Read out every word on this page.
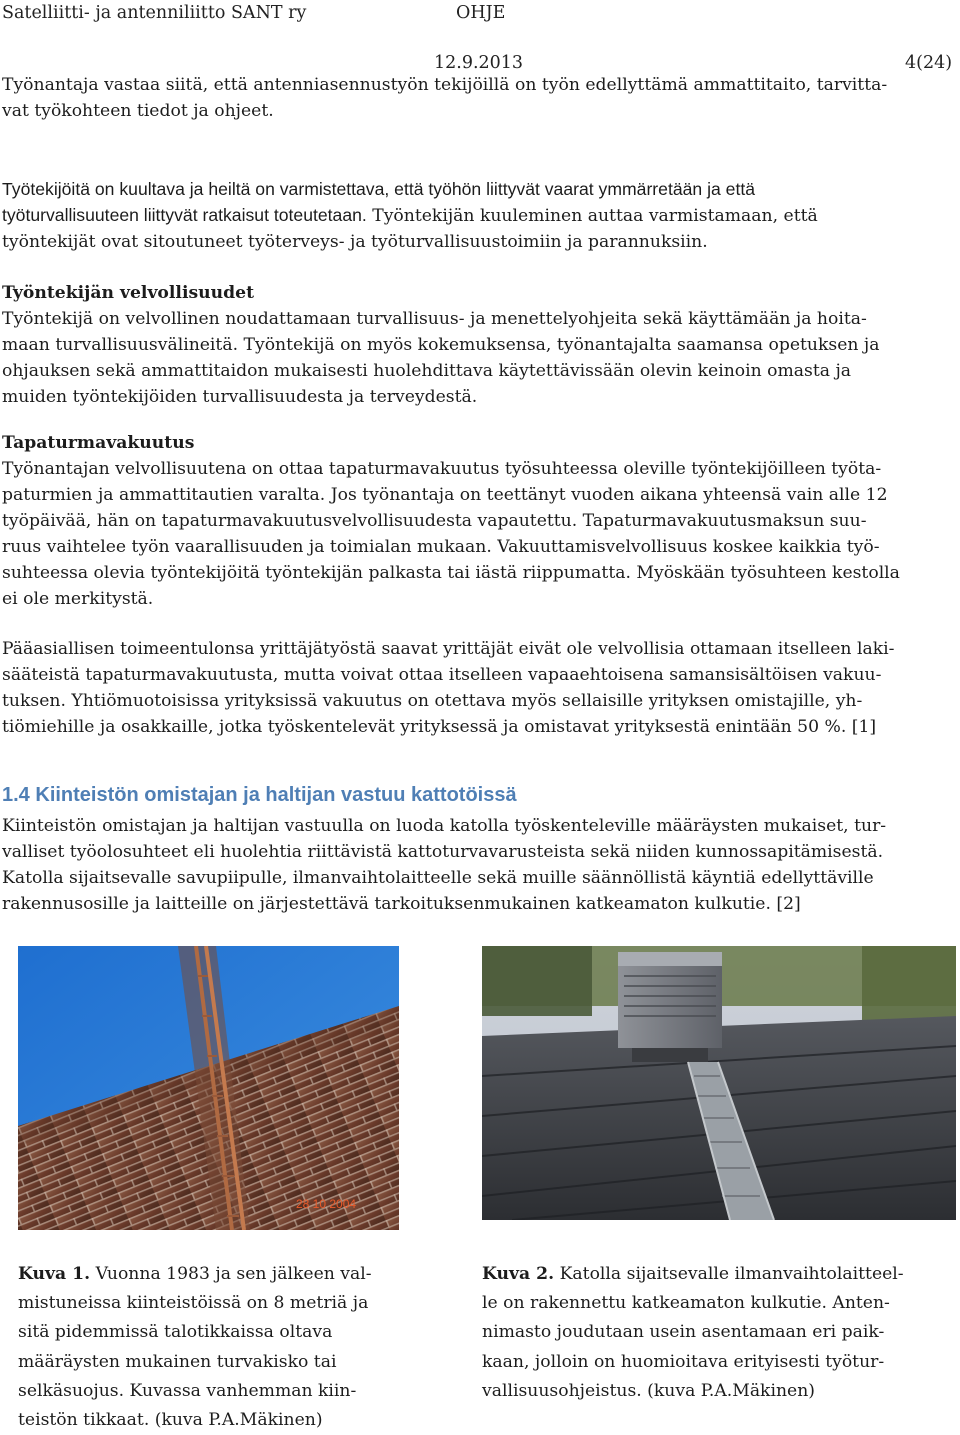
Satelliitti- ja antenniliitto SANT ry	OHJE
12.9.2013	4(24)
Työnantaja vastaa siitä, että antenniasennustyön tekijöillä on työn edellyttämä ammattitaito, tarvitta-
vat työkohteen tiedot ja ohjeet.
Työtekijöitä on kuultava ja heiltä on varmistettava, että työhön liittyvät vaarat ymmärretään ja että
työturvallisuuteen liittyvät ratkaisut toteutetaan. Työntekijän kuuleminen auttaa varmistamaan, että
työntekijät ovat sitoutuneet työterveys- ja työturvallisuustoimiin ja parannuksiin.
Työntekijän velvollisuudet
Työntekijä on velvollinen noudattamaan turvallisuus- ja menettelyohjeita sekä käyttämään ja hoita-
maan turvallisuusvälineitä. Työntekijä on myös kokemuksensa, työnantajalta saamansa opetuksen ja
ohjauksen sekä ammattitaidon mukaisesti huolehdittava käytettävissään olevin keinoin omasta ja
muiden työntekijöiden turvallisuudesta ja terveydestä.
Tapaturmavakuutus
Työnantajan velvollisuutena on ottaa tapaturmavakuutus työsuhteessa oleville työntekijöilleen työta-
paturmien ja ammattitautien varalta. Jos työnantaja on teettänyt vuoden aikana yhteensä vain alle 12
työpäivää, hän on tapaturmavakuutusvelvollisuudesta vapautettu. Tapaturmavakuutusmaksun suu-
ruus vaihtelee työn vaarallisuuden ja toimialan mukaan. Vakuuttamisvelvollisuus koskee kaikkia työ-
suhteessa olevia työntekijöitä työntekijän palkasta tai iästä riippumatta. Myöskään työsuhteen kestolla
ei ole merkitystä.
Pääasiallisen toimeentulonsa yrittäjätyöstä saavat yrittäjät eivät ole velvollisia ottamaan itselleen laki-
sääteistä tapaturmavakuutusta, mutta voivat ottaa itselleen vapaaehtoisena samansisältöisen vakuu-
tuksen. Yhtiömuotoisissa yrityksissä vakuutus on otettava myös sellaisille yrityksen omistajille, yh-
tiömiehille ja osakkaille, jotka työskentelevät yrityksessä ja omistavat yrityksestä enintään 50 %. [1]
1.4 Kiinteistön omistajan ja haltijan vastuu kattotöissä
Kiinteistön omistajan ja haltijan vastuulla on luoda katolla työskenteleville määräysten mukaiset, tur-
valliset työolosuhteet eli huolehtia riittävistä kattoturvavarusteista sekä niiden kunnossapitämisestä.
Katolla sijaitsevalle savupiipulle, ilmanvaihtolaitteelle sekä muille säännöllistä käyntiä edellyttäville
rakennusosille ja laitteille on järjestettävä tarkoituksenmukainen katkeamaton kulkutie. [2]
28 10 2004
Kuva 1. Vuonna 1983 ja sen jälkeen val-
mistuneissa kiinteistöissä on 8 metriä ja
sitä pidemmissä talotikkaissa oltava
määräysten mukainen turvakisko tai
selkäsuojus. Kuvassa vanhemman kiin-
teistön tikkaat. (kuva P.A.Mäkinen)
Kuva 2. Katolla sijaitsevalle ilmanvaihtolaitteel-
le on rakennettu katkeamaton kulkutie. Anten-
nimasto joudutaan usein asentamaan eri paik-
kaan, jolloin on huomioitava erityisesti työtur-
vallisuusohjeistus. (kuva P.A.Mäkinen)
